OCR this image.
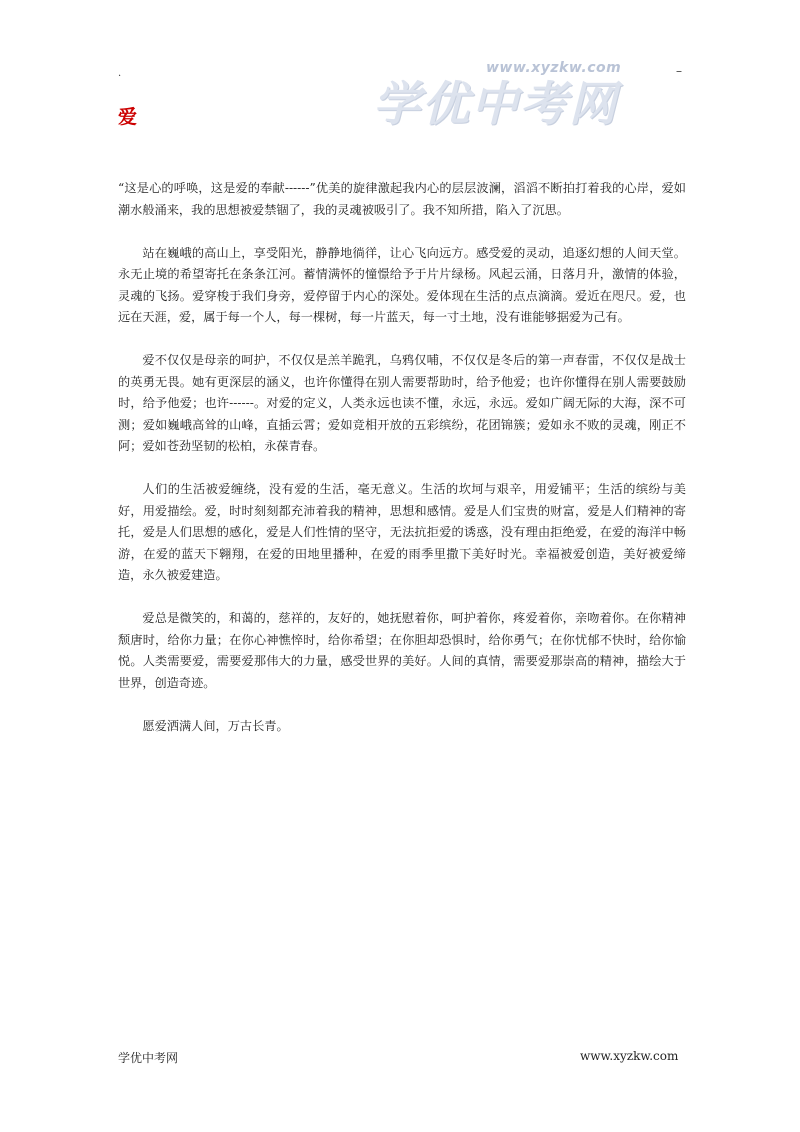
.	–
www.xyzkw.com
学优中考网
爱

“这是心的呼唤，这是爱的奉献------”优美的旋律激起我内心的层层波澜，滔滔不断拍打着我的心岸，爱如潮水般涌来，我的思想被爱禁锢了，我的灵魂被吸引了。我不知所措，陷入了沉思。

站在巍峨的高山上，享受阳光，静静地徜徉，让心飞向远方。感受爱的灵动，追逐幻想的人间天堂。永无止境的希望寄托在条条江河。蓄情满怀的憧憬给予于片片绿杨。风起云涌，日落月升，激情的体验，灵魂的飞扬。爱穿梭于我们身旁，爱停留于内心的深处。爱体现在生活的点点滴滴。爱近在咫尺。爱，也远在天涯，爱，属于每一个人，每一棵树，每一片蓝天，每一寸土地，没有谁能够据爱为己有。

爱不仅仅是母亲的呵护，不仅仅是羔羊跪乳，乌鸦仅哺，不仅仅是冬后的第一声春雷，不仅仅是战士的英勇无畏。她有更深层的涵义，也许你懂得在别人需要帮助时，给予他爱；也许你懂得在别人需要鼓励时，给予他爱；也许------。对爱的定义，人类永远也读不懂，永远，永远。爱如广阔无际的大海，深不可测；爱如巍峨高耸的山峰，直插云霄；爱如竞相开放的五彩缤纷，花团锦簇；爱如永不败的灵魂，刚正不阿；爱如苍劲坚韧的松柏，永葆青春。

人们的生活被爱缠绕，没有爱的生活，毫无意义。生活的坎坷与艰辛，用爱铺平；生活的缤纷与美好，用爱描绘。爱，时时刻刻都充沛着我的精神，思想和感情。爱是人们宝贵的财富，爱是人们精神的寄托，爱是人们思想的感化，爱是人们性情的坚守，无法抗拒爱的诱惑，没有理由拒绝爱，在爱的海洋中畅游，在爱的蓝天下翱翔，在爱的田地里播种，在爱的雨季里撒下美好时光。幸福被爱创造，美好被爱缔造，永久被爱建造。

爱总是微笑的，和蔼的，慈祥的，友好的，她抚慰着你，呵护着你，疼爱着你，亲吻着你。在你精神颓唐时，给你力量；在你心神憔悴时，给你希望；在你胆却恐惧时，给你勇气；在你忧郁不快时，给你愉悦。人类需要爱，需要爱那伟大的力量，感受世界的美好。人间的真情，需要爱那崇高的精神，描绘大于世界，创造奇迹。

愿爱洒满人间，万古长青。

学优中考网	www.xyzkw.com
